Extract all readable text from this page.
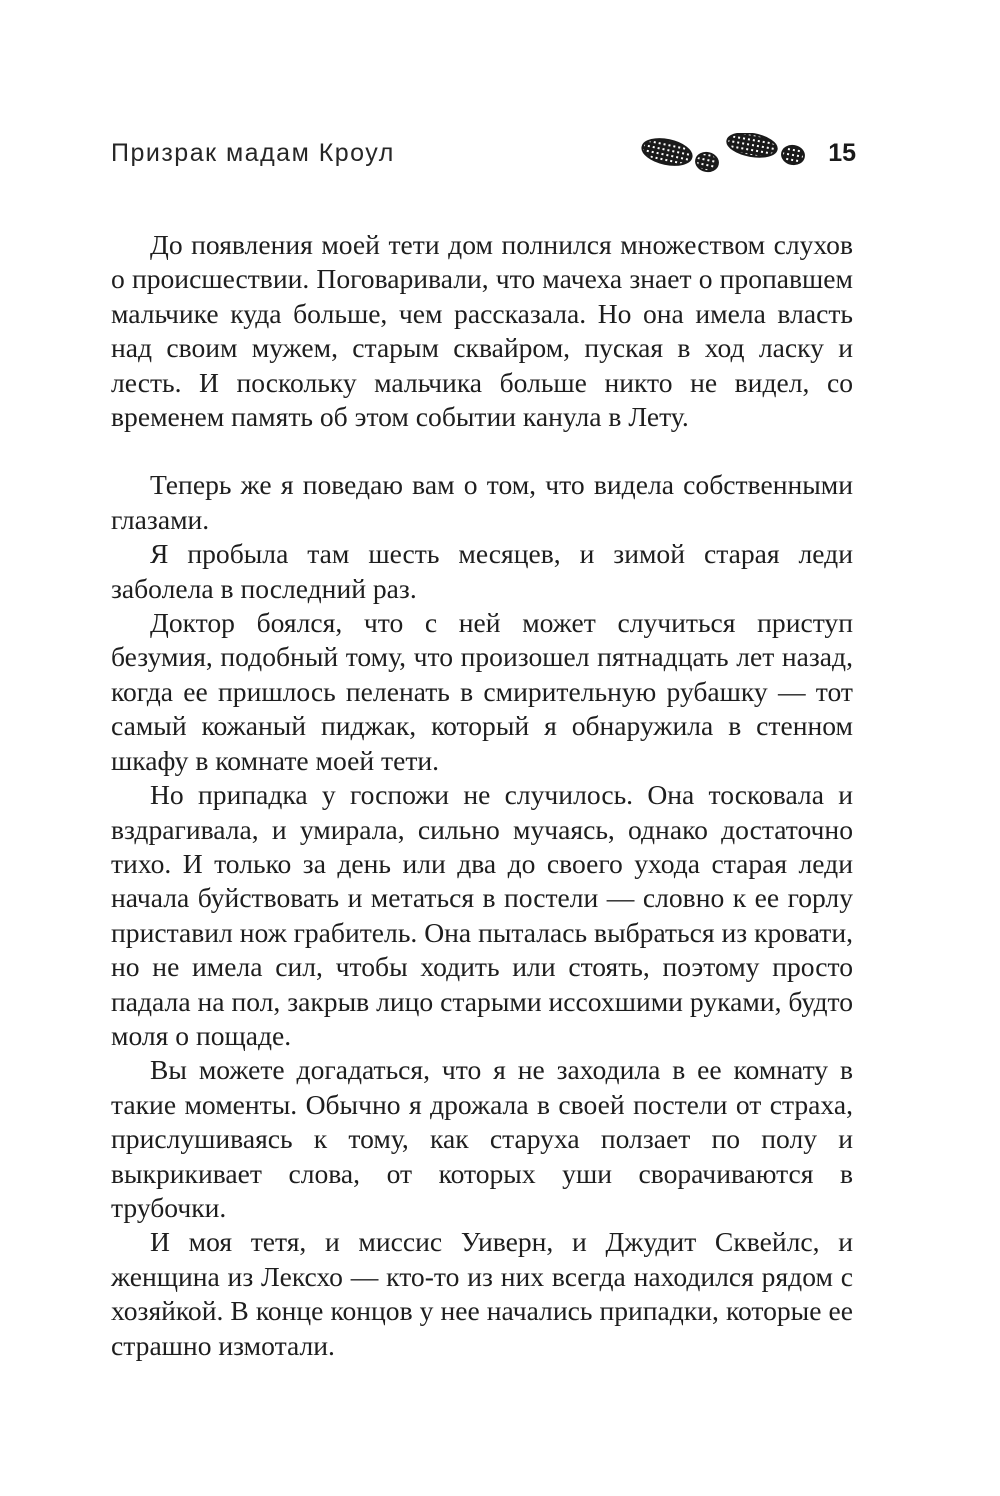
Призрак мадам Кроул	15

До появления моей тети дом полнился множеством слухов о происшествии. Поговаривали, что мачеха знает о пропавшем мальчике куда больше, чем рассказала. Но она имела власть над своим мужем, старым сквайром, пуская в ход ласку и лесть. И поскольку мальчика больше никто не видел, со временем память об этом событии канула в Лету.

Теперь же я поведаю вам о том, что видела собственными глазами.

Я пробыла там шесть месяцев, и зимой старая леди заболела в последний раз.

Доктор боялся, что с ней может случиться приступ безумия, подобный тому, что произошел пятнадцать лет назад, когда ее пришлось пеленать в смирительную рубашку — тот самый кожаный пиджак, который я обнаружила в стенном шкафу в комнате моей тети.

Но припадка у госпожи не случилось. Она тосковала и вздрагивала, и умирала, сильно мучаясь, однако достаточно тихо. И только за день или два до своего ухода старая леди начала буйствовать и метаться в постели — словно к ее горлу приставил нож грабитель. Она пыталась выбраться из кровати, но не имела сил, чтобы ходить или стоять, поэтому просто падала на пол, закрыв лицо старыми иссохшими руками, будто моля о пощаде.

Вы можете догадаться, что я не заходила в ее комнату в такие моменты. Обычно я дрожала в своей постели от страха, прислушиваясь к тому, как старуха ползает по полу и выкрикивает слова, от которых уши сворачиваются в трубочки.

И моя тетя, и миссис Уиверн, и Джудит Сквейлс, и женщина из Лексхо — кто-то из них всегда находился рядом с хозяйкой. В конце концов у нее начались припадки, которые ее страшно измотали.
